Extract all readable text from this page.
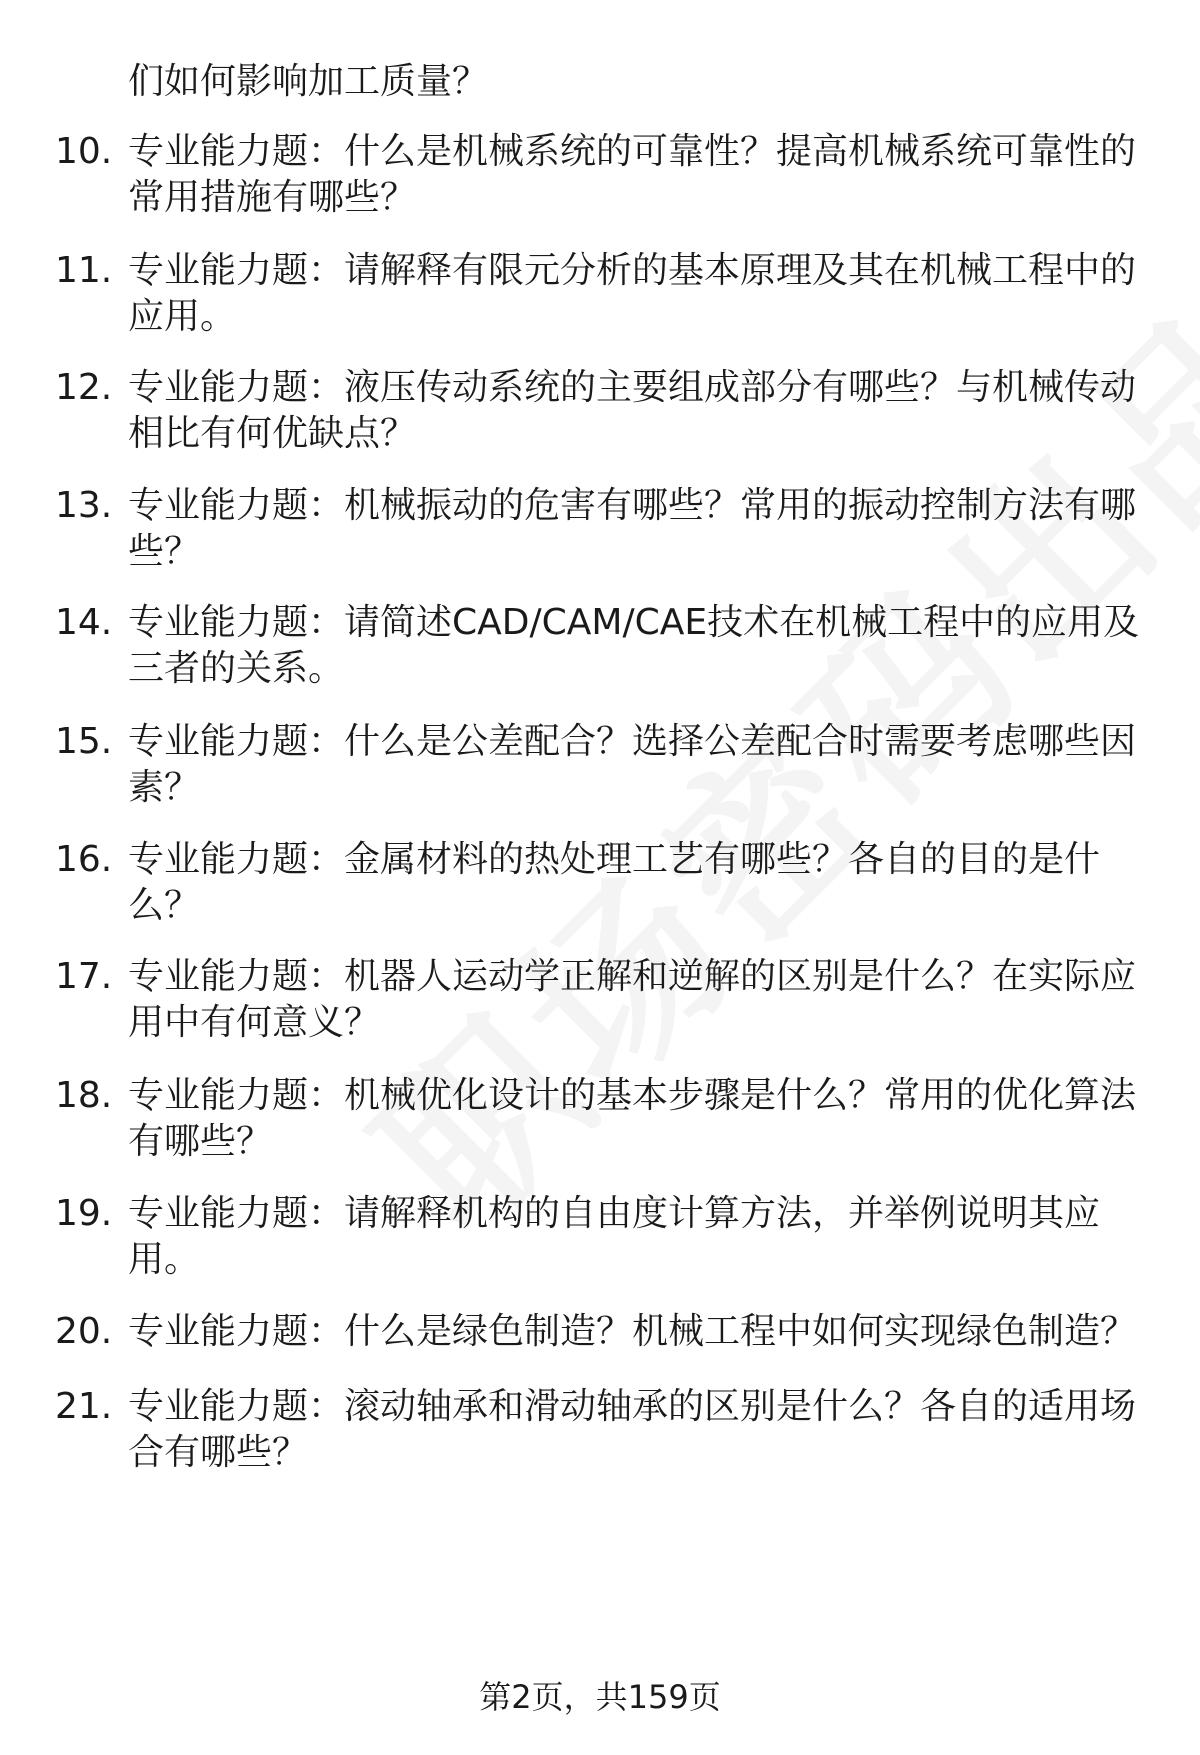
们如何影响加工质量？
10. 专业能力题：什么是机械系统的可靠性？提高机械系统可靠性的
常用措施有哪些？
11. 专业能力题：请解释有限元分析的基本原理及其在机械工程中的
应用。
12. 专业能力题：液压传动系统的主要组成部分有哪些？与机械传动
相比有何优缺点？
13. 专业能力题：机械振动的危害有哪些？常用的振动控制方法有哪
些？
14. 专业能力题：请简述CAD/CAM/CAE技术在机械工程中的应用及
三者的关系。
15. 专业能力题：什么是公差配合？选择公差配合时需要考虑哪些因
素？
16. 专业能力题：金属材料的热处理工艺有哪些？各自的目的是什
么？
17. 专业能力题：机器人运动学正解和逆解的区别是什么？在实际应
用中有何意义？
18. 专业能力题：机械优化设计的基本步骤是什么？常用的优化算法
有哪些？
19. 专业能力题：请解释机构的自由度计算方法，并举例说明其应
用。
20. 专业能力题：什么是绿色制造？机械工程中如何实现绿色制造？
21. 专业能力题：滚动轴承和滑动轴承的区别是什么？各自的适用场
合有哪些？
第2页，共159页
